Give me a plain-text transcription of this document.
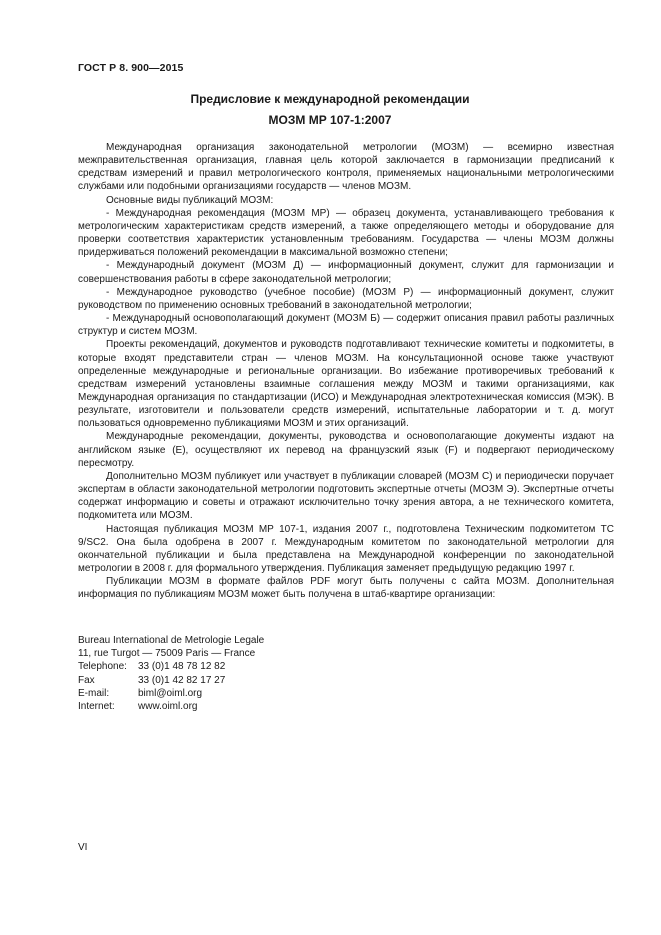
ГОСТ Р 8. 900—2015
Предисловие к международной рекомендации
МОЗМ МР 107-1:2007

Международная организация законодательной метрологии (МОЗМ) — всемирно известная межправительственная организация, главная цель которой заключается в гармонизации предписаний к средствам измерений и правил метрологического контроля, применяемых национальными метрологическими службами или подобными организациями государств — членов МОЗМ.

Основные виды публикаций МОЗМ:

- Международная рекомендация (МОЗМ МР) — образец документа, устанавливающего требования к метрологическим характеристикам средств измерений, а также определяющего методы и оборудование для проверки соответствия характеристик установленным требованиям. Государства — члены МОЗМ должны придерживаться положений рекомендации в максимальной возможно степени;

- Международный документ (МОЗМ Д) — информационный документ, служит для гармонизации и совершенствования работы в сфере законодательной метрологии;

- Международное руководство (учебное пособие) (МОЗМ Р) — информационный документ, служит руководством по применению основных требований в законодательной метрологии;

- Международный основополагающий документ (МОЗМ Б) — содержит описания правил работы различных структур и систем МОЗМ.

Проекты рекомендаций, документов и руководств подготавливают технические комитеты и подкомитеты, в которые входят представители стран — членов МОЗМ. На консультационной основе также участвуют определенные международные и региональные организации. Во избежание противоречивых требований к средствам измерений установлены взаимные соглашения между МОЗМ и такими организациями, как Международная организация по стандартизации (ИСО) и Международная электротехническая комиссия (МЭК). В результате, изготовители и пользователи средств измерений, испытательные лаборатории и т. д. могут пользоваться одновременно публикациями МОЗМ и этих организаций.

Международные рекомендации, документы, руководства и основополагающие документы издают на английском языке (E), осуществляют их перевод на французский язык (F) и подвергают периодическому пересмотру.

Дополнительно МОЗМ публикует или участвует в публикации словарей (МОЗМ С) и периодически поручает экспертам в области законодательной метрологии подготовить экспертные отчеты (МОЗМ Э). Экспертные отчеты содержат информацию и советы и отражают исключительно точку зрения автора, а не технического комитета, подкомитета или МОЗМ.

Настоящая публикация МОЗМ МР 107-1, издания 2007 г., подготовлена Техническим подкомитетом ТС 9/SC2. Она была одобрена в 2007 г. Международным комитетом по законодательной метрологии для окончательной публикации и была представлена на Международной конференции по законодательной метрологии в 2008 г. для формального утверждения. Публикация заменяет предыдущую редакцию 1997 г.

Публикации МОЗМ в формате файлов PDF могут быть получены с сайта МОЗМ. Дополнительная информация по публикациям МОЗМ может быть получена в штаб-квартире организации:

Bureau International de Metrologie Legale
11, rue Turgot — 75009 Paris — France
Telephone: 33 (0)1 48 78 12 82
Fax	33 (0)1 42 82 17 27
E-mail:	biml@oiml.org
Internet: www.oiml.org
VI
